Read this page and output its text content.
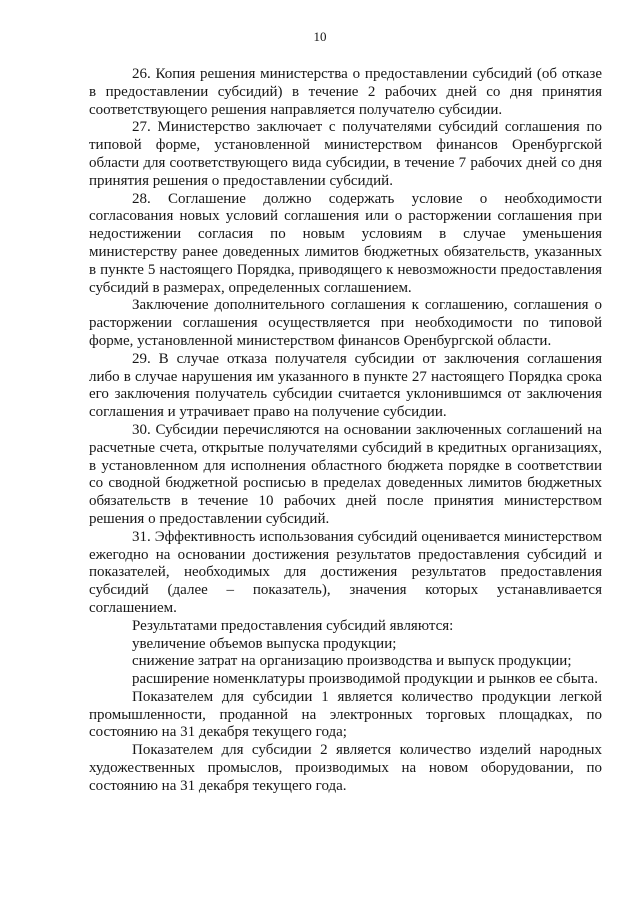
10

26. Копия решения министерства о предоставлении субсидий (об отказе в предоставлении субсидий) в течение 2 рабочих дней со дня принятия соответствующего решения направляется получателю субсидии.

27. Министерство заключает с получателями субсидий соглашения по типовой форме, установленной министерством финансов Оренбургской области для соответствующего вида субсидии, в течение 7 рабочих дней со дня принятия решения о предоставлении субсидий.

28. Соглашение должно содержать условие о необходимости согласования новых условий соглашения или о расторжении соглашения при недостижении согласия по новым условиям в случае уменьшения министерству ранее доведенных лимитов бюджетных обязательств, указанных в пункте 5 настоящего Порядка, приводящего к невозможности предоставления субсидий в размерах, определенных соглашением.

Заключение дополнительного соглашения к соглашению, соглашения о расторжении соглашения осуществляется при необходимости по типовой форме, установленной министерством финансов Оренбургской области.

29. В случае отказа получателя субсидии от заключения соглашения либо в случае нарушения им указанного в пункте 27 настоящего Порядка срока его заключения получатель субсидии считается уклонившимся от заключения соглашения и утрачивает право на получение субсидии.

30. Субсидии перечисляются на основании заключенных соглашений на расчетные счета, открытые получателями субсидий в кредитных организациях, в установленном для исполнения областного бюджета порядке в соответствии со сводной бюджетной росписью в пределах доведенных лимитов бюджетных обязательств в течение 10 рабочих дней после принятия министерством решения о предоставлении субсидий.

31. Эффективность использования субсидий оценивается министерством ежегодно на основании достижения результатов предоставления субсидий и показателей, необходимых для достижения результатов предоставления субсидий (далее – показатель), значения которых устанавливается соглашением.

Результатами предоставления субсидий являются:

увеличение объемов выпуска продукции;

снижение затрат на организацию производства и выпуск продукции;

расширение номенклатуры производимой продукции и рынков ее сбыта.

Показателем для субсидии 1 является количество продукции легкой промышленности, проданной на электронных торговых площадках, по состоянию на 31 декабря текущего года;

Показателем для субсидии 2 является количество изделий народных художественных промыслов, производимых на новом оборудовании, по состоянию на 31 декабря текущего года.
